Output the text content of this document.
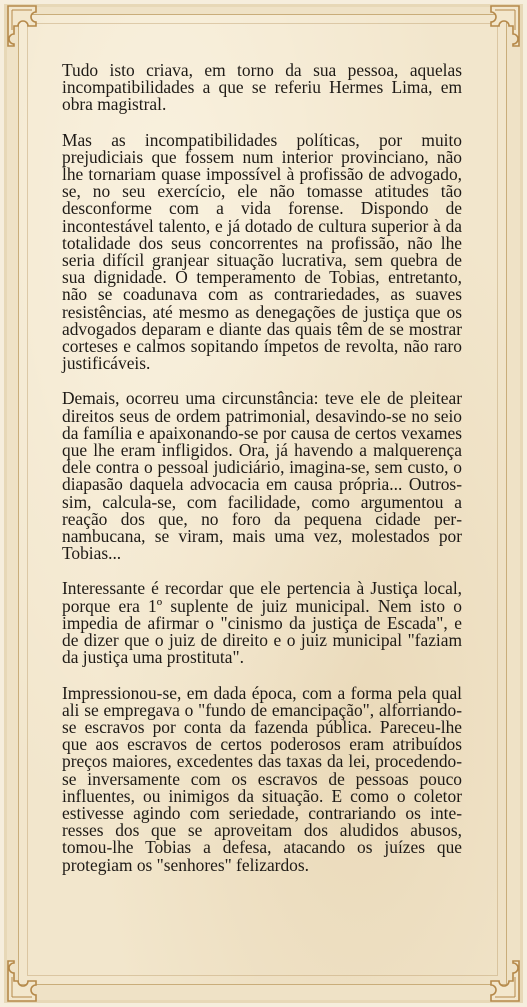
Tudo isto criava, em torno da sua pessoa, aquelas incompatibilidades a que se referiu Hermes Lima, em obra magistral.

Mas as incompatibilidades políticas, por muito prejudiciais que fossem num interior provinciano, não lhe tornariam quase impossível à profissão de advogado, se, no seu exercício, ele não tomasse atitudes tão desconforme com a vida forense. Dispondo de incontestável talento, e já dotado de cultura superior à da totalidade dos seus concorrentes na profissão, não lhe seria difícil granjear situação lucrativa, sem quebra de sua dignidade. O temperamento de Tobias, entretanto, não se coadunava com as contrariedades, as suaves resistências, até mesmo as denegações de justiça que os advogados deparam e diante das quais têm de se mostrar corteses e calmos sopitando ímpetos de revolta, não raro justificáveis.

Demais, ocorreu uma circunstância: teve ele de pleitear direitos seus de ordem patrimonial, desavindo-se no seio da família e apaixonando-se por causa de certos vexames que lhe eram infligidos. Ora, já havendo a malquerença dele contra o pessoal judiciário, imagina-se, sem custo, o diapasão daquela advocacia em causa própria... Outrossim, calcula-se, com facilidade, como argumentou a reação dos que, no foro da pequena cidade pernambucana, se viram, mais uma vez, molestados por Tobias...

Interessante é recordar que ele pertencia à Justiça local, porque era 1º suplente de juiz municipal. Nem isto o impedia de afirmar o "cinismo da justiça de Escada", e de dizer que o juiz de direito e o juiz municipal "faziam da justiça uma prostituta".

Impressionou-se, em dada época, com a forma pela qual ali se empregava o "fundo de emancipação", alforriando-se escravos por conta da fazenda pública. Pareceu-lhe que aos escravos de certos poderosos eram atribuídos preços maiores, excedentes das taxas da lei, procedendo-se inversamente com os escravos de pessoas pouco influentes, ou inimigos da situação. E como o coletor estivesse agindo com seriedade, contrariando os interesses dos que se aproveitam dos aludidos abusos, tomou-lhe Tobias a defesa, atacando os juízes que protegiam os "senhores" felizardos.
